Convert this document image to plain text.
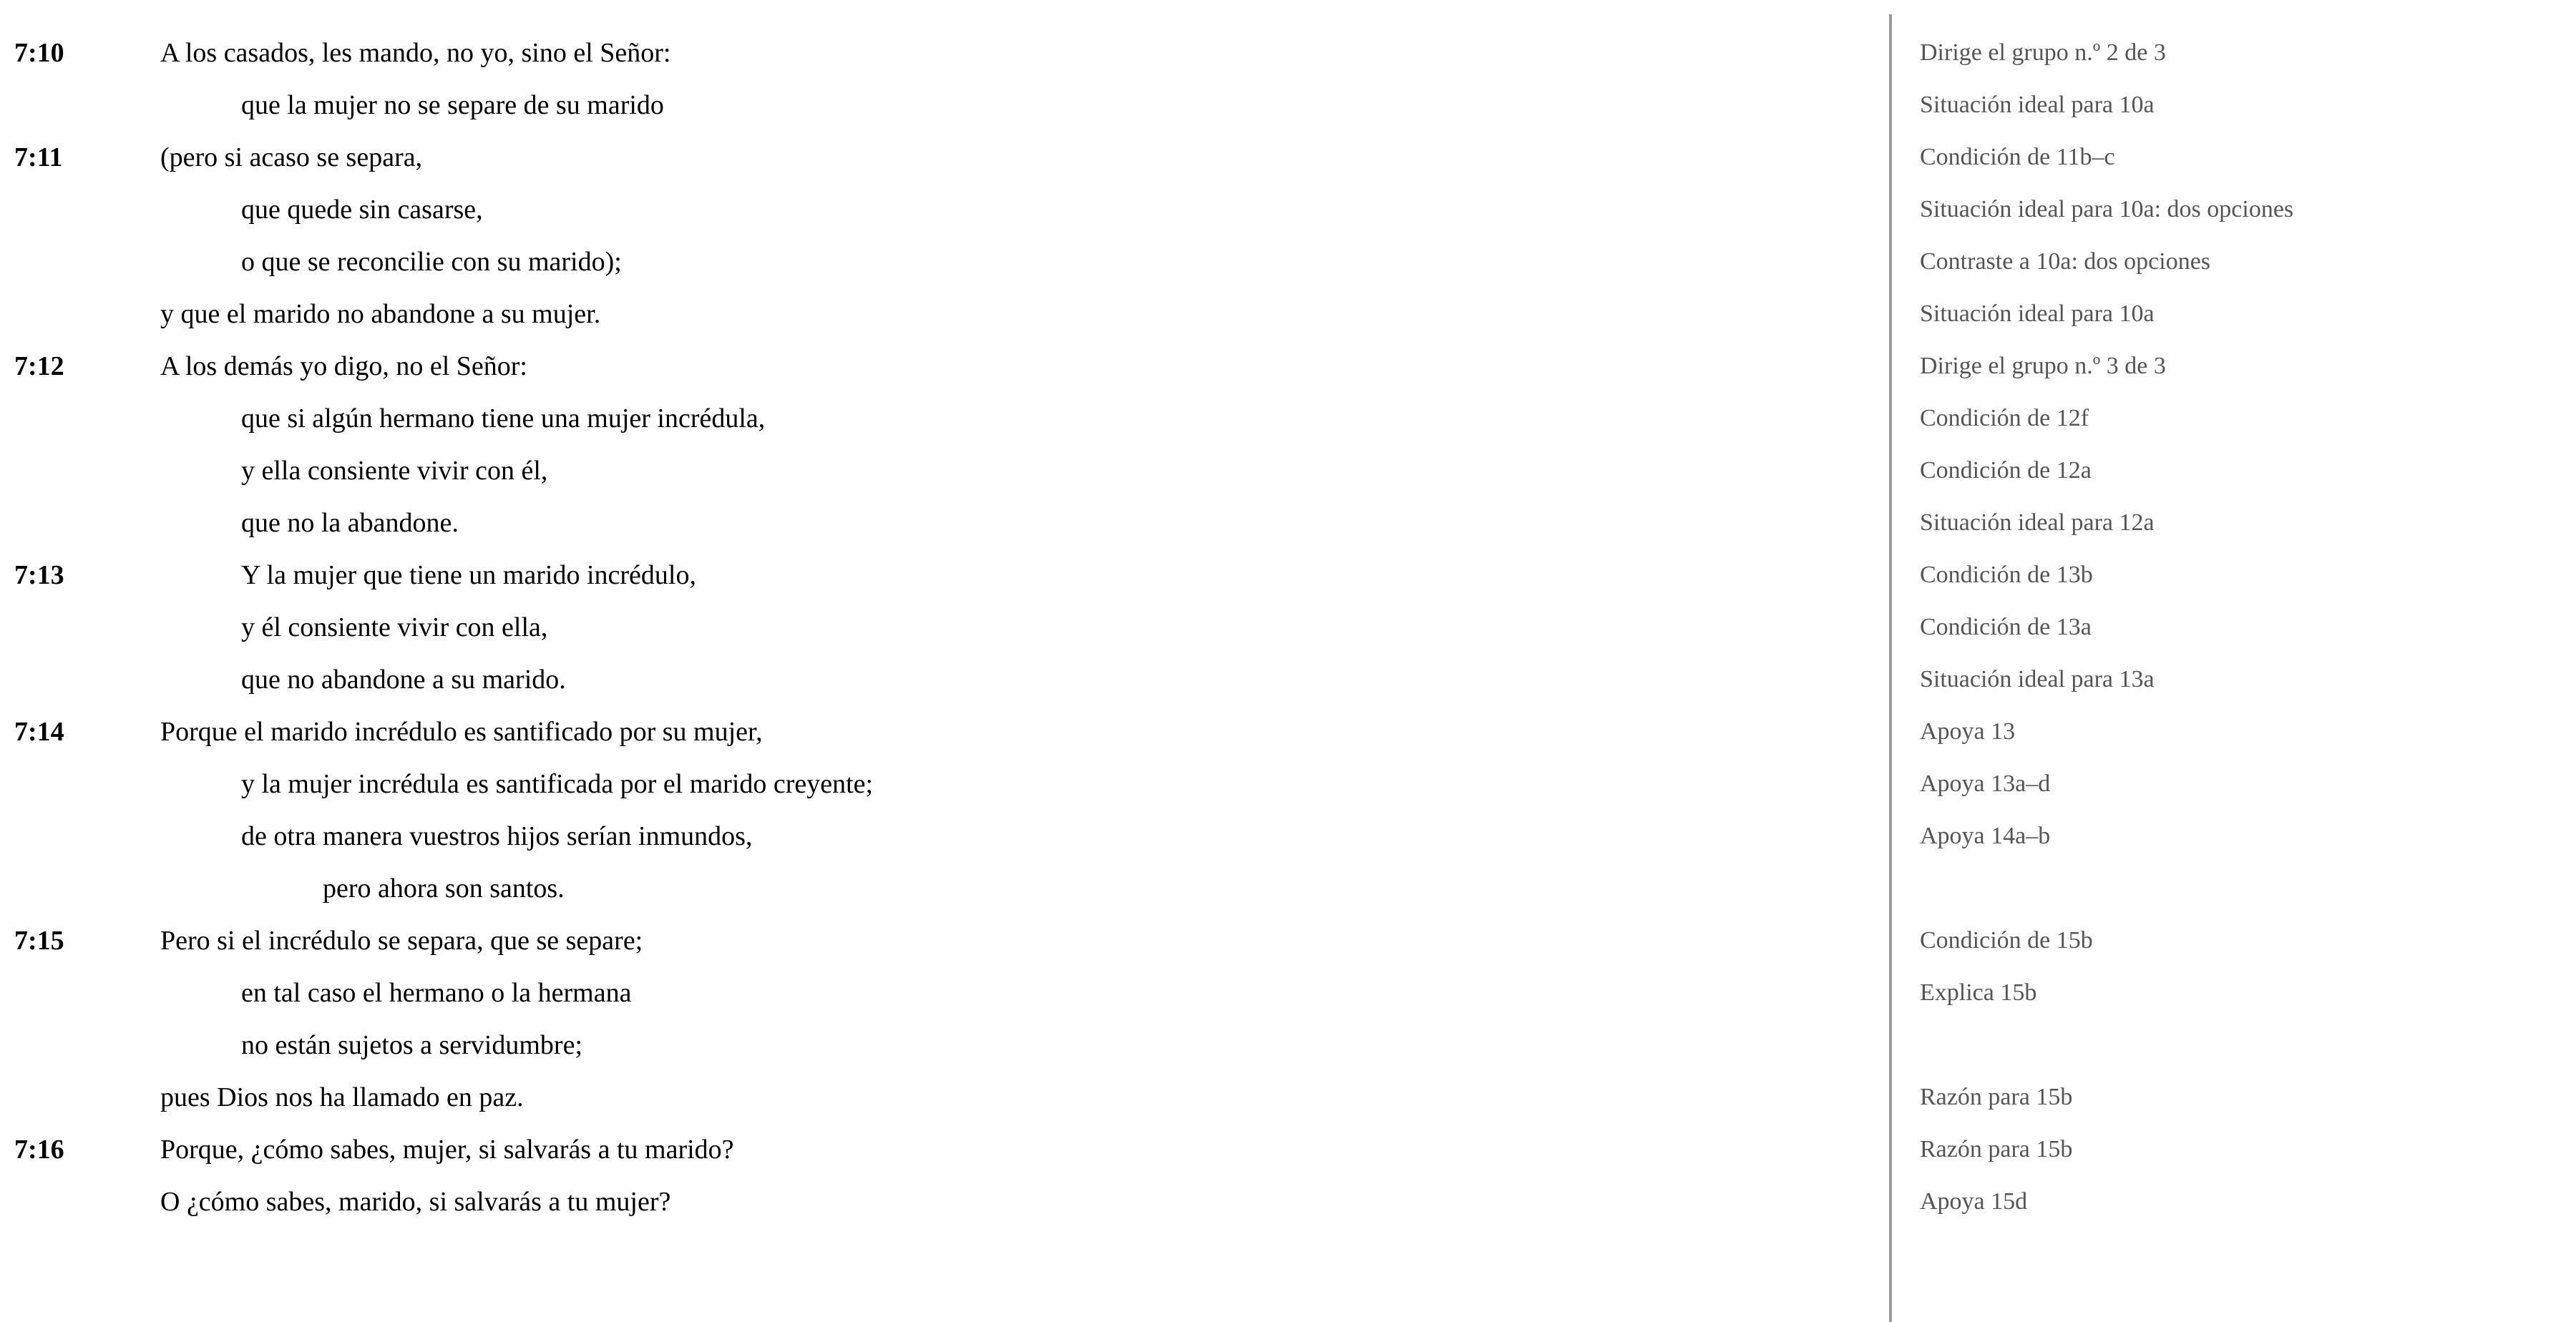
7:10	A los casados, les mando, no yo, sino el Señor:	Dirige el grupo n.º 2 de 3
que la mujer no se separe de su marido	Situación ideal para 10a
7:11	(pero si acaso se separa,	Condición de 11b–c
que quede sin casarse,	Situación ideal para 10a: dos opciones
o que se reconcilie con su marido);	Contraste a 10a: dos opciones
y que el marido no abandone a su mujer.	Situación ideal para 10a
7:12	A los demás yo digo, no el Señor:	Dirige el grupo n.º 3 de 3
que si algún hermano tiene una mujer incrédula,	Condición de 12f
y ella consiente vivir con él,	Condición de 12a
que no la abandone.	Situación ideal para 12a
7:13	Y la mujer que tiene un marido incrédulo,	Condición de 13b
y él consiente vivir con ella,	Condición de 13a
que no abandone a su marido.	Situación ideal para 13a
7:14	Porque el marido incrédulo es santificado por su mujer,	Apoya 13
y la mujer incrédula es santificada por el marido creyente;	Apoya 13a–d
de otra manera vuestros hijos serían inmundos,	Apoya 14a–b
pero ahora son santos.
7:15	Pero si el incrédulo se separa, que se separe;	Condición de 15b
en tal caso el hermano o la hermana	Explica 15b
no están sujetos a servidumbre;
pues Dios nos ha llamado en paz.	Razón para 15b
7:16	Porque, ¿cómo sabes, mujer, si salvarás a tu marido?	Razón para 15b
O ¿cómo sabes, marido, si salvarás a tu mujer?	Apoya 15d
